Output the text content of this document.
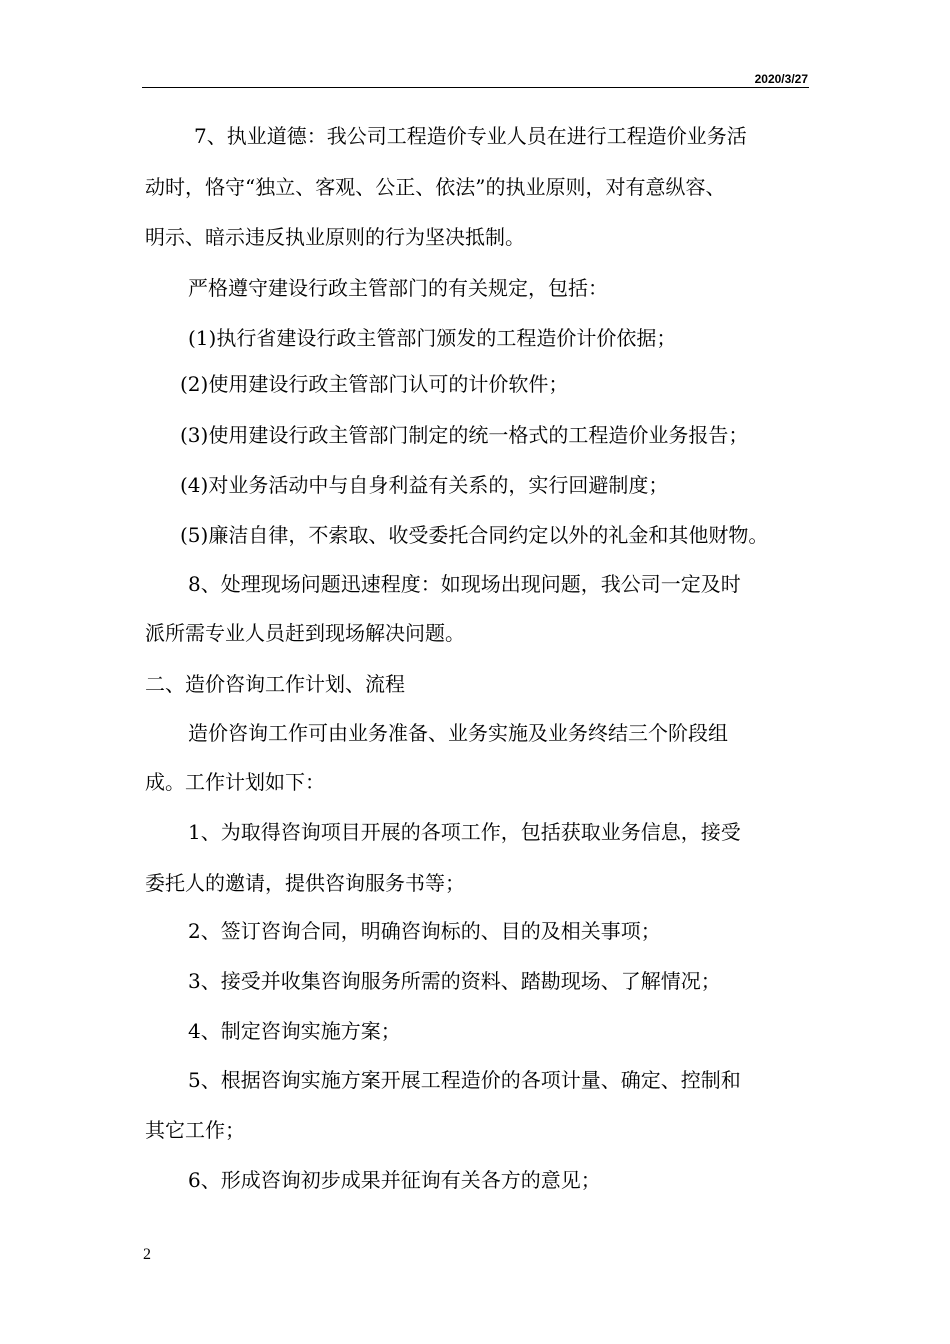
2020/3/27
7、执业道德：我公司工程造价专业人员在进行工程造价业务活
动时，恪守“独立、客观、公正、依法”的执业原则，对有意纵容、
明示、暗示违反执业原则的行为坚决抵制。
严格遵守建设行政主管部门的有关规定，包括：
(1)执行省建设行政主管部门颁发的工程造价计价依据；
(2)使用建设行政主管部门认可的计价软件；
(3)使用建设行政主管部门制定的统一格式的工程造价业务报告；
(4)对业务活动中与自身利益有关系的，实行回避制度；
(5)廉洁自律，不索取、收受委托合同约定以外的礼金和其他财物。
8、处理现场问题迅速程度：如现场出现问题，我公司一定及时
派所需专业人员赶到现场解决问题。
二、造价咨询工作计划、流程
造价咨询工作可由业务准备、业务实施及业务终结三个阶段组
成。工作计划如下：
1、为取得咨询项目开展的各项工作，包括获取业务信息，接受
委托人的邀请，提供咨询服务书等；
2、签订咨询合同，明确咨询标的、目的及相关事项；
3、接受并收集咨询服务所需的资料、踏勘现场、了解情况；
4、制定咨询实施方案；
5、根据咨询实施方案开展工程造价的各项计量、确定、控制和
其它工作；
6、形成咨询初步成果并征询有关各方的意见；
2
